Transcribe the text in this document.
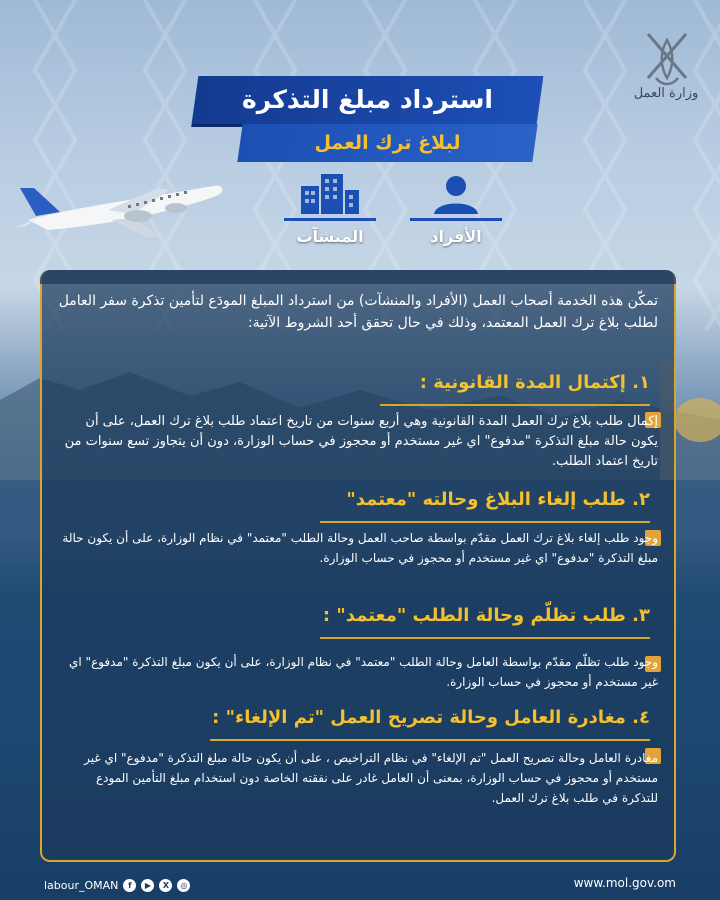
وزارة العمل
استرداد مبلغ التذكرة
لبلاغ ترك العمل
الأفراد
المنشآت
تمكّن هذه الخدمة أصحاب العمل (الأفراد والمنشآت) من استرداد المبلغ المودَع لتأمين تذكرة سفر العامل لطلب بلاغ ترك العمل المعتمد، وذلك في حال تحقق أحد الشروط الآتية:
١. إكتمال المدة القانونية :
إكمال طلب بلاغ ترك العمل المدة القانونية وهي أربع سنوات من تاريخ اعتماد طلب بلاغ ترك العمل، على أن يكون حالة مبلغ التذكرة "مدفوع" اي غير مستخدم أو محجوز في حساب الوزارة، دون أن يتجاوز تسع سنوات من تاريخ اعتماد الطلب.
٢. طلب إلغاء البلاغ وحالته "معتمد"
وجود طلب إلغاء بلاغ ترك العمل مقدّم بواسطة صاحب العمل وحالة الطلب "معتمد" في نظام الوزارة، على أن يكون حالة مبلغ التذكرة "مدفوع" اي غير مستخدم أو محجوز في حساب الوزارة.
٣. طلب تظلّم وحالة الطلب "معتمد" :
وجود طلب تظلّم مقدّم بواسطة العامل وحالة الطلب "معتمد" في نظام الوزارة، على أن يكون مبلغ التذكرة "مدفوع" اي غير مستخدم أو محجوز في حساب الوزارة.
٤. مغادرة العامل وحالة تصريح العمل "تم الإلغاء" :
مغادرة العامل وحالة تصريح العمل "تم الإلغاء" في نظام التراخيص ، على أن يكون حالة مبلغ التذكرة "مدفوع" اي غير مستخدم أو محجوز في حساب الوزارة، بمعنى أن العامل غادر على نفقته الخاصة دون استخدام مبلغ التأمين المودع للتذكرة في طلب بلاغ ترك العمل.
labour_OMAN	f	▶	X	◎	www.mol.gov.om
